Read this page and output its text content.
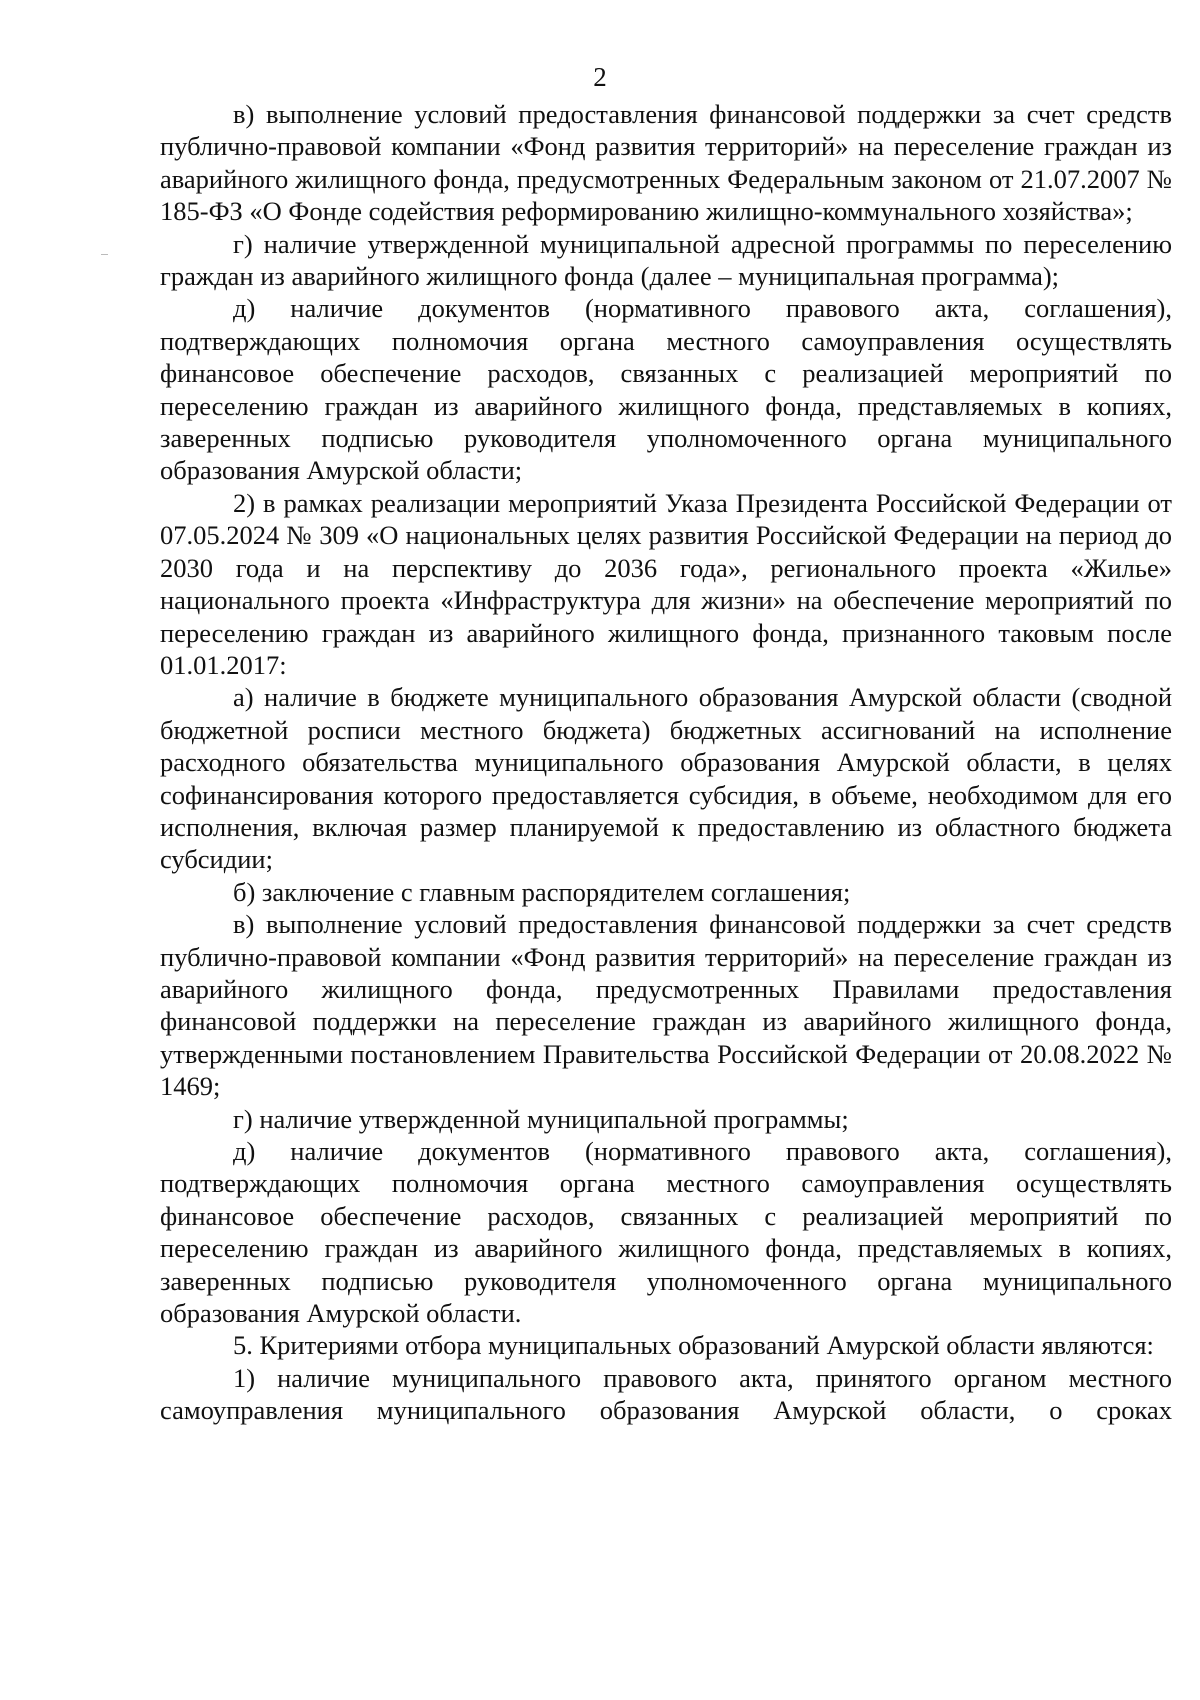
2

в) выполнение условий предоставления финансовой поддержки за счет средств публично-правовой компании «Фонд развития территорий» на переселение граждан из аварийного жилищного фонда, предусмотренных Федеральным законом от 21.07.2007 № 185-ФЗ «О Фонде содействия реформированию жилищно-коммунального хозяйства»;

г) наличие утвержденной муниципальной адресной программы по переселению граждан из аварийного жилищного фонда (далее – муниципальная программа);

д) наличие документов (нормативного правового акта, соглашения), подтверждающих полномочия органа местного самоуправления осуществлять финансовое обеспечение расходов, связанных с реализацией мероприятий по переселению граждан из аварийного жилищного фонда, представляемых в копиях, заверенных подписью руководителя уполномоченного органа муниципального образования Амурской области;

2) в рамках реализации мероприятий Указа Президента Российской Федерации от 07.05.2024 № 309 «О национальных целях развития Российской Федерации на период до 2030 года и на перспективу до 2036 года», регионального проекта «Жилье» национального проекта «Инфраструктура для жизни» на обеспечение мероприятий по переселению граждан из аварийного жилищного фонда, признанного таковым после 01.01.2017:

а) наличие в бюджете муниципального образования Амурской области (сводной бюджетной росписи местного бюджета) бюджетных ассигнований на исполнение расходного обязательства муниципального образования Амурской области, в целях софинансирования которого предоставляется субсидия, в объеме, необходимом для его исполнения, включая размер планируемой к предоставлению из областного бюджета субсидии;

б) заключение с главным распорядителем соглашения;

в) выполнение условий предоставления финансовой поддержки за счет средств публично-правовой компании «Фонд развития территорий» на переселение граждан из аварийного жилищного фонда, предусмотренных Правилами предоставления финансовой поддержки на переселение граждан из аварийного жилищного фонда, утвержденными постановлением Правительства Российской Федерации от 20.08.2022 № 1469;

г) наличие утвержденной муниципальной программы;

д) наличие документов (нормативного правового акта, соглашения), подтверждающих полномочия органа местного самоуправления осуществлять финансовое обеспечение расходов, связанных с реализацией мероприятий по переселению граждан из аварийного жилищного фонда, представляемых в копиях, заверенных подписью руководителя уполномоченного органа муниципального образования Амурской области.

5. Критериями отбора муниципальных образований Амурской области являются:

1) наличие муниципального правового акта, принятого органом местного самоуправления муниципального образования Амурской области, о сроках
